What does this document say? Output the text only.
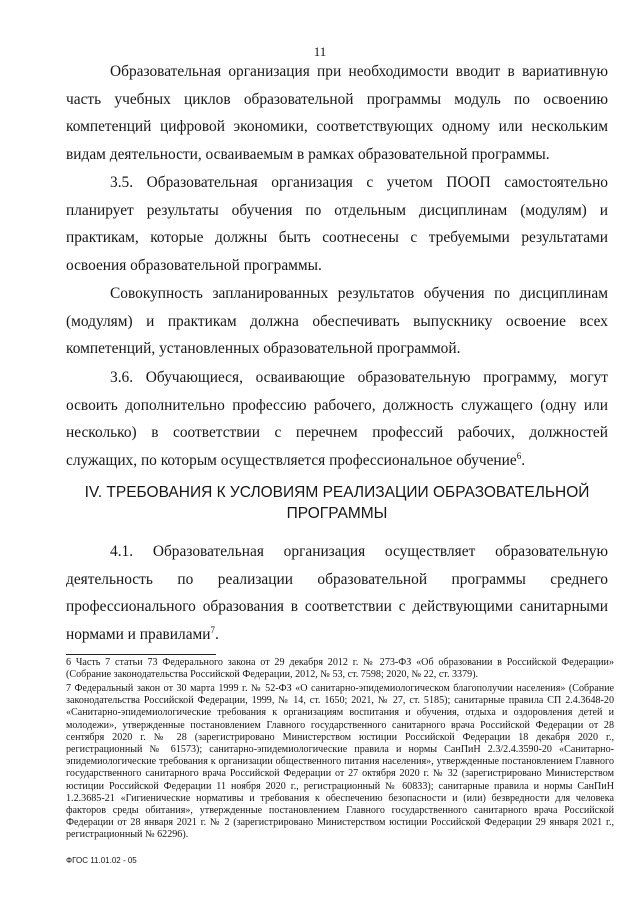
11

Образовательная организация при необходимости вводит в вариативную часть учебных циклов образовательной программы модуль по освоению компетенций цифровой экономики, соответствующих одному или нескольким видам деятельности, осваиваемым в рамках образовательной программы.

3.5. Образовательная организация с учетом ПООП самостоятельно планирует результаты обучения по отдельным дисциплинам (модулям) и практикам, которые должны быть соотнесены с требуемыми результатами освоения образовательной программы.

Совокупность запланированных результатов обучения по дисциплинам (модулям) и практикам должна обеспечивать выпускнику освоение всех компетенций, установленных образовательной программой.

3.6. Обучающиеся, осваивающие образовательную программу, могут освоить дополнительно профессию рабочего, должность служащего (одну или несколько) в соответствии с перечнем профессий рабочих, должностей служащих, по которым осуществляется профессиональное обучение$^6$.

IV. ТРЕБОВАНИЯ К УСЛОВИЯМ РЕАЛИЗАЦИИ ОБРАЗОВАТЕЛЬНОЙ
ПРОГРАММЫ

4.1. Образовательная организация осуществляет образовательную деятельность по реализации образовательной программы среднего профессионального образования в соответствии с действующими санитарными нормами и правилами$^7$.

6 Часть 7 статьи 73 Федерального закона от 29 декабря 2012 г. № 273-ФЗ «Об образовании в Российской Федерации» (Собрание законодательства Российской Федерации, 2012, № 53, ст. 7598; 2020, № 22, ст. 3379).
7 Федеральный закон от 30 марта 1999 г. № 52-ФЗ «О санитарно-эпидемиологическом благополучии населения» (Собрание законодательства Российской Федерации, 1999, № 14, ст. 1650; 2021, № 27, ст. 5185); санитарные правила СП 2.4.3648-20 «Санитарно-эпидемиологические требования к организациям воспитания и обучения, отдыха и оздоровления детей и молодежи», утвержденные постановлением Главного государственного санитарного врача Российской Федерации от 28 сентября 2020 г. № 28 (зарегистрировано Министерством юстиции Российской Федерации 18 декабря 2020 г., регистрационный № 61573); санитарно-эпидемиологические правила и нормы СанПиН 2.3/2.4.3590-20 «Санитарно-эпидемиологические требования к организации общественного питания населения», утвержденные постановлением Главного государственного санитарного врача Российской Федерации от 27 октября 2020 г. № 32 (зарегистрировано Министерством юстиции Российской Федерации 11 ноября 2020 г., регистрационный № 60833); санитарные правила и нормы СанПиН 1.2.3685-21 «Гигиенические нормативы и требования к обеспечению безопасности и (или) безвредности для человека факторов среды обитания», утвержденные постановлением Главного государственного санитарного врача Российской Федерации от 28 января 2021 г. № 2 (зарегистрировано Министерством юстиции Российской Федерации 29 января 2021 г., регистрационный № 62296).
ФГОС 11.01.02 - 05
